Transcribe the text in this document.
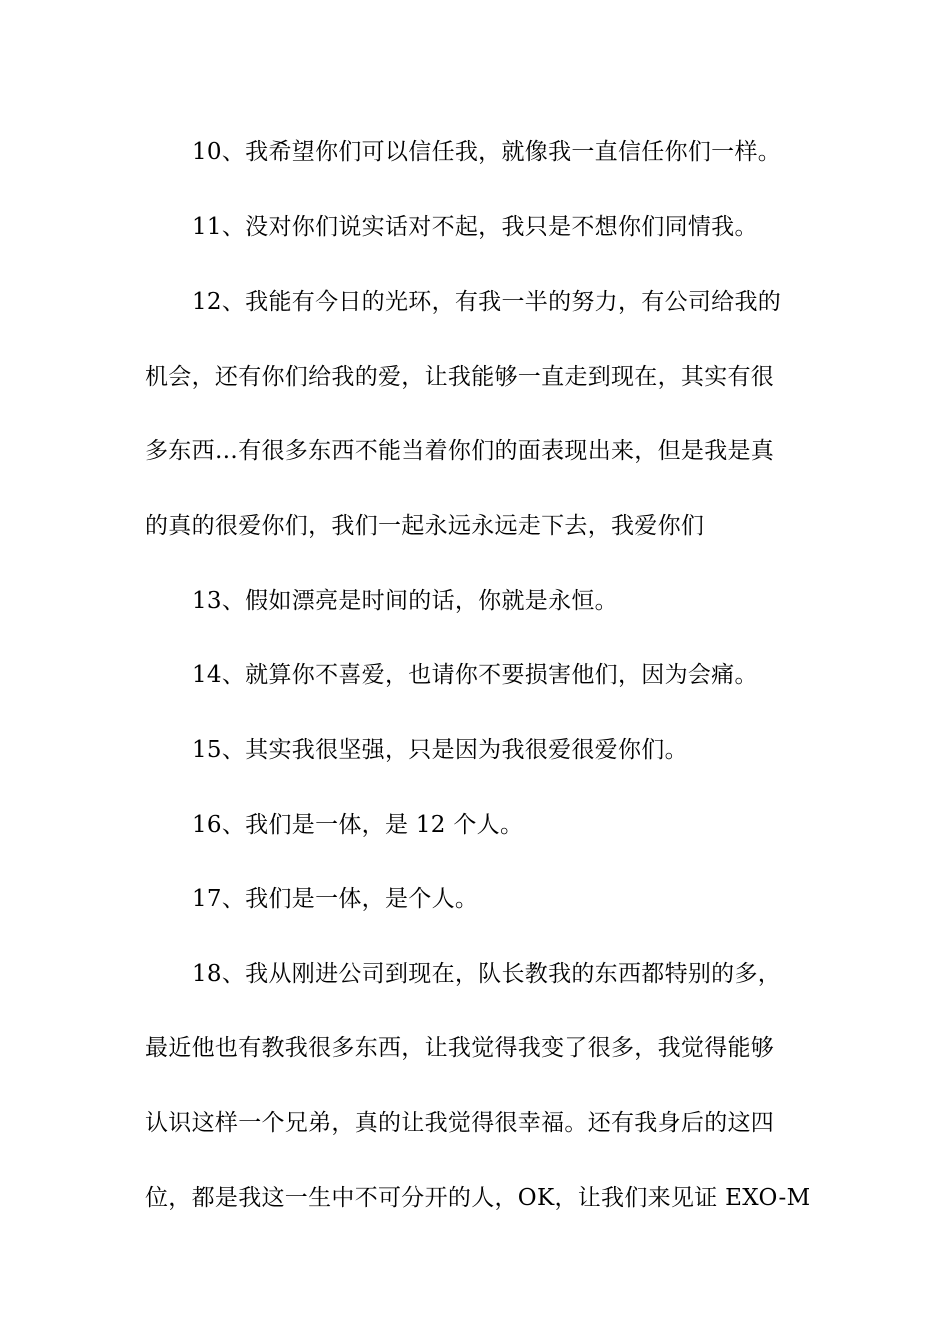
10、我希望你们可以信任我，就像我一直信任你们一样。
11、没对你们说实话对不起，我只是不想你们同情我。
12、我能有今日的光环，有我一半的努力，有公司给我的
机会，还有你们给我的爱，让我能够一直走到现在，其实有很
多东西…有很多东西不能当着你们的面表现出来，但是我是真
的真的很爱你们，我们一起永远永远走下去，我爱你们
13、假如漂亮是时间的话，你就是永恒。
14、就算你不喜爱，也请你不要损害他们，因为会痛。
15、其实我很坚强，只是因为我很爱很爱你们。
16、我们是一体，是 12 个人。
17、我们是一体，是个人。
18、我从刚进公司到现在，队长教我的东西都特别的多，
最近他也有教我很多东西，让我觉得我变了很多，我觉得能够
认识这样一个兄弟，真的让我觉得很幸福。还有我身后的这四
位，都是我这一生中不可分开的人，OK，让我们来见证 EXO-M
